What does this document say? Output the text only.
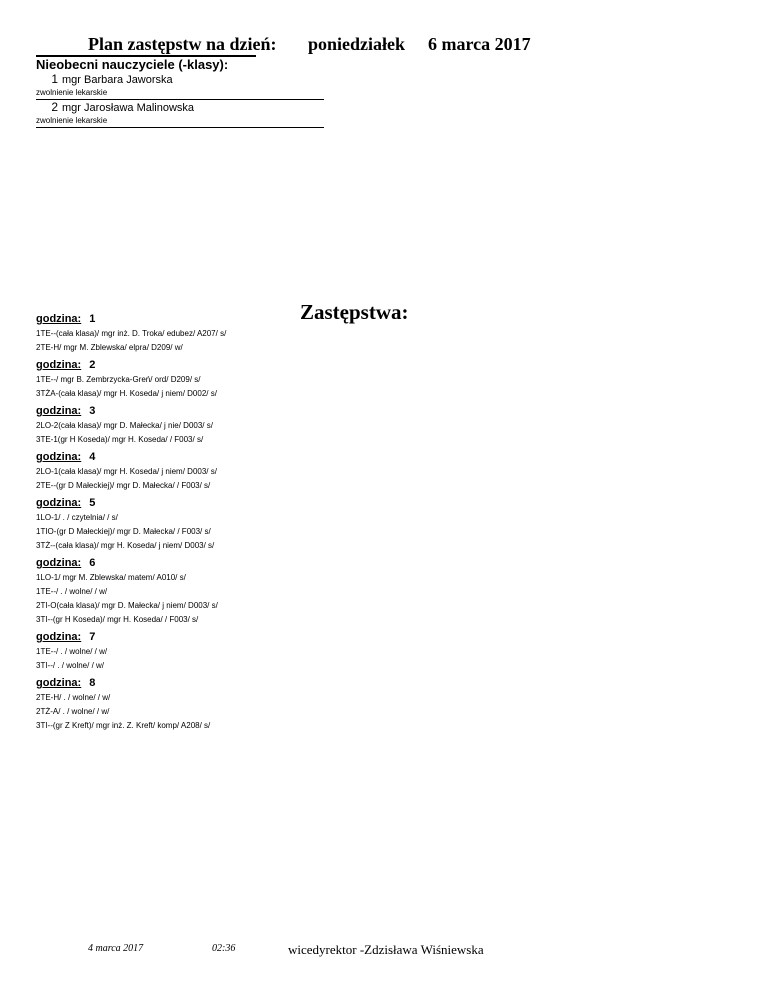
Plan zastępstw na dzień: poniedziałek 6 marca 2017
Nieobecni nauczyciele (-klasy):
1 mgr Barbara Jaworska
zwolnienie lekarskie
2 mgr Jarosława Malinowska
zwolnienie lekarskie
Zastępstwa:
godzina: 1
1TE--(cała klasa)/ mgr inż. D. Troka/ edubez/ A207/ s/
2TE-H/ mgr M. Zblewska/ elpra/ D209/ w/
godzina: 2
1TE--/ mgr B. Zembrzycka-Greń/ ord/ D209/ s/
3TŻA-(cała klasa)/ mgr H. Koseda/ j niem/ D002/ s/
godzina: 3
2LO-2(cała klasa)/ mgr D. Małecka/ j nie/ D003/ s/
3TE-1(gr H Koseda)/ mgr H. Koseda/ / F003/ s/
godzina: 4
2LO-1(cała klasa)/ mgr H. Koseda/ j niem/ D003/ s/
2TE--(gr D Małeckiej)/ mgr D. Małecka/ / F003/ s/
godzina: 5
1LO-1/ . / czytelnia/ / s/
1TIO-(gr D Małeckiej)/ mgr D. Małecka/ / F003/ s/
3TŻ--(cała klasa)/ mgr H. Koseda/ j niem/ D003/ s/
godzina: 6
1LO-1/ mgr M. Zblewska/ matem/ A010/ s/
1TE--/ . / wolne/ / w/
2TI-O(cała klasa)/ mgr D. Małecka/ j niem/ D003/ s/
3TI--(gr H Koseda)/ mgr H. Koseda/ / F003/ s/
godzina: 7
1TE--/ . / wolne/ / w/
3TI--/ . / wolne/ / w/
godzina: 8
2TE-H/ . / wolne/ / w/
2TŻ-A/ . / wolne/ / w/
3TI--(gr Z Kreft)/ mgr inż. Z. Kreft/ komp/ A208/ s/
4 marca 2017	02:36	wicedyrektor -Zdzisława Wiśniewska
